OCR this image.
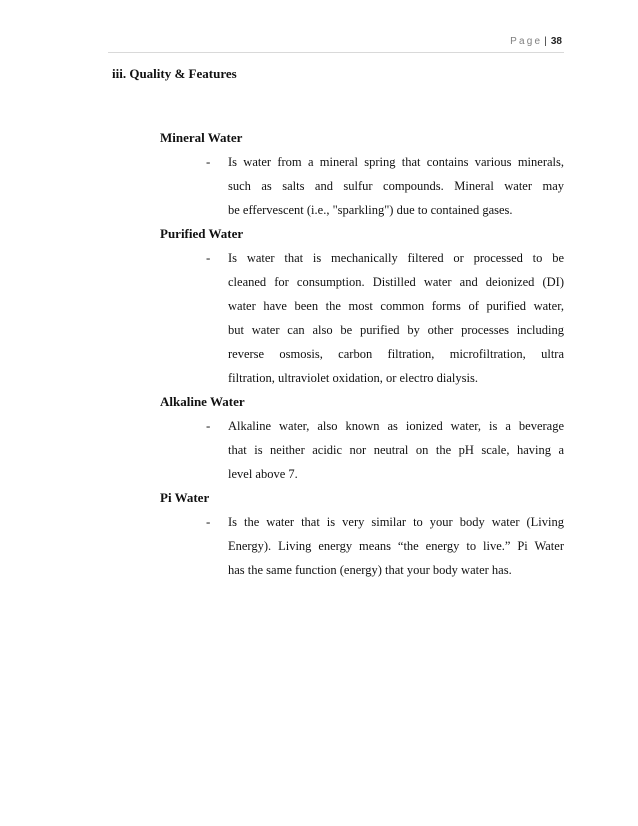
Page | 38
iii. Quality & Features
Mineral Water
- Is water from a mineral spring that contains various minerals,
such as salts and sulfur compounds. Mineral water may
be effervescent (i.e., "sparkling") due to contained gases.
Purified Water
- Is water that is mechanically filtered or processed to be
cleaned for consumption. Distilled water and deionized (DI)
water have been the most common forms of purified water,
but water can also be purified by other processes including
reverse osmosis, carbon filtration, microfiltration, ultra
filtration, ultraviolet oxidation, or electro dialysis.
Alkaline Water
- Alkaline water, also known as ionized water, is a beverage
that is neither acidic nor neutral on the pH scale, having a
level above 7.
Pi Water
- Is the water that is very similar to your body water (Living
Energy). Living energy means “the energy to live.” Pi Water
has the same function (energy) that your body water has.
